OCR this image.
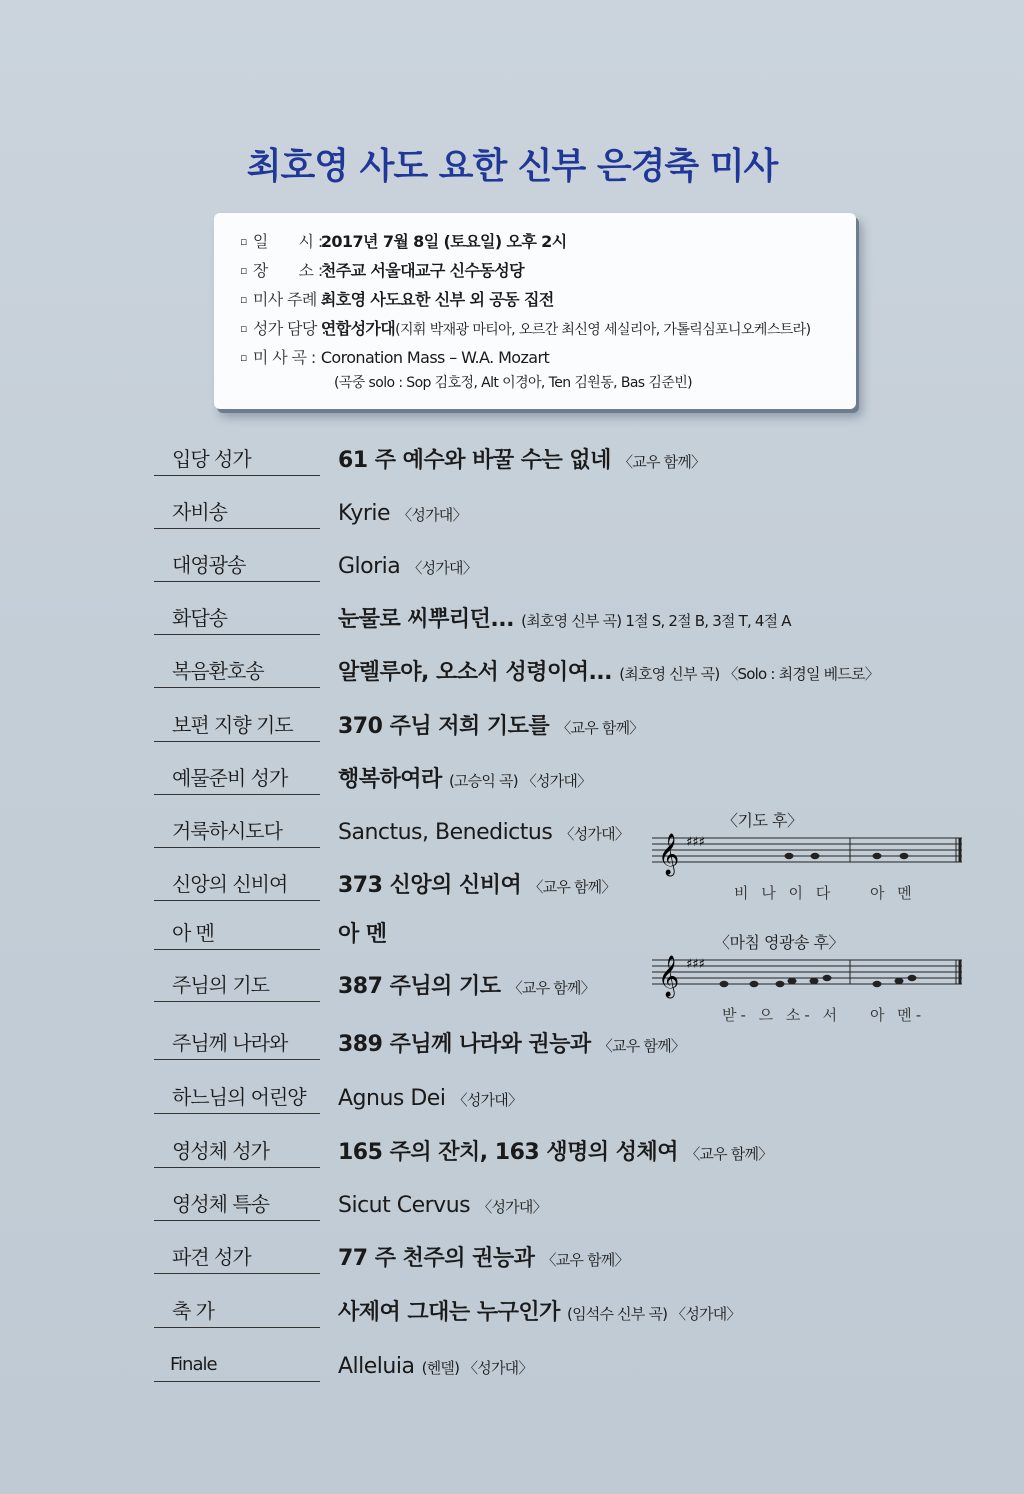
최호영 사도 요한 신부 은경축 미사
▫ 일　　시 :2017년 7월 8일 (토요일) 오후 2시
▫ 장　　소 :천주교 서울대교구 신수동성당
▫ 미사 주례 :최호영 사도요한 신부 외 공동 집전
▫ 성가 담당 :연합성가대(지휘 박재광 마티아, 오르간 최신영 세실리아, 가톨릭심포니오케스트라)
▫ 미 사 곡 : Coronation Mass – W.A. Mozart
(곡중 solo : Sop 김호정, Alt 이경아, Ten 김원동, Bas 김준빈)
입당 성가	61 주 예수와 바꿀 수는 없네 〈교우 함께〉
자비송	Kyrie 〈성가대〉
대영광송	Gloria 〈성가대〉
화답송	눈물로 씨뿌리던... (최호영 신부 곡) 1절 S, 2절 B, 3절 T, 4절 A
복음환호송	알렐루야, 오소서 성령이여... (최호영 신부 곡) 〈Solo : 최경일 베드로〉
보편 지향 기도	370 주님 저희 기도를 〈교우 함께〉
예물준비 성가	행복하여라 (고승익 곡) 〈성가대〉
거룩하시도다	Sanctus, Benedictus 〈성가대〉
신앙의 신비여	373 신앙의 신비여 〈교우 함께〉
아 멘	아 멘
주님의 기도	387 주님의 기도 〈교우 함께〉
주님께 나라와	389 주님께 나라와 권능과 〈교우 함께〉
하느님의 어린양	Agnus Dei 〈성가대〉
영성체 성가	165 주의 잔치, 163 생명의 성체여 〈교우 함께〉
영성체 특송	Sicut Cervus 〈성가대〉
파견 성가	77 주 천주의 권능과 〈교우 함께〉
축 가	사제여 그대는 누구인가 (임석수 신부 곡) 〈성가대〉
Finale	Alleluia (헨델) 〈성가대〉
〈기도 후〉
𝄞 ♯♯♯
비 나 이 다 아 멘
〈마침 영광송 후〉
𝄞 ♯♯♯
받- 으 소- 서 아 멘-
